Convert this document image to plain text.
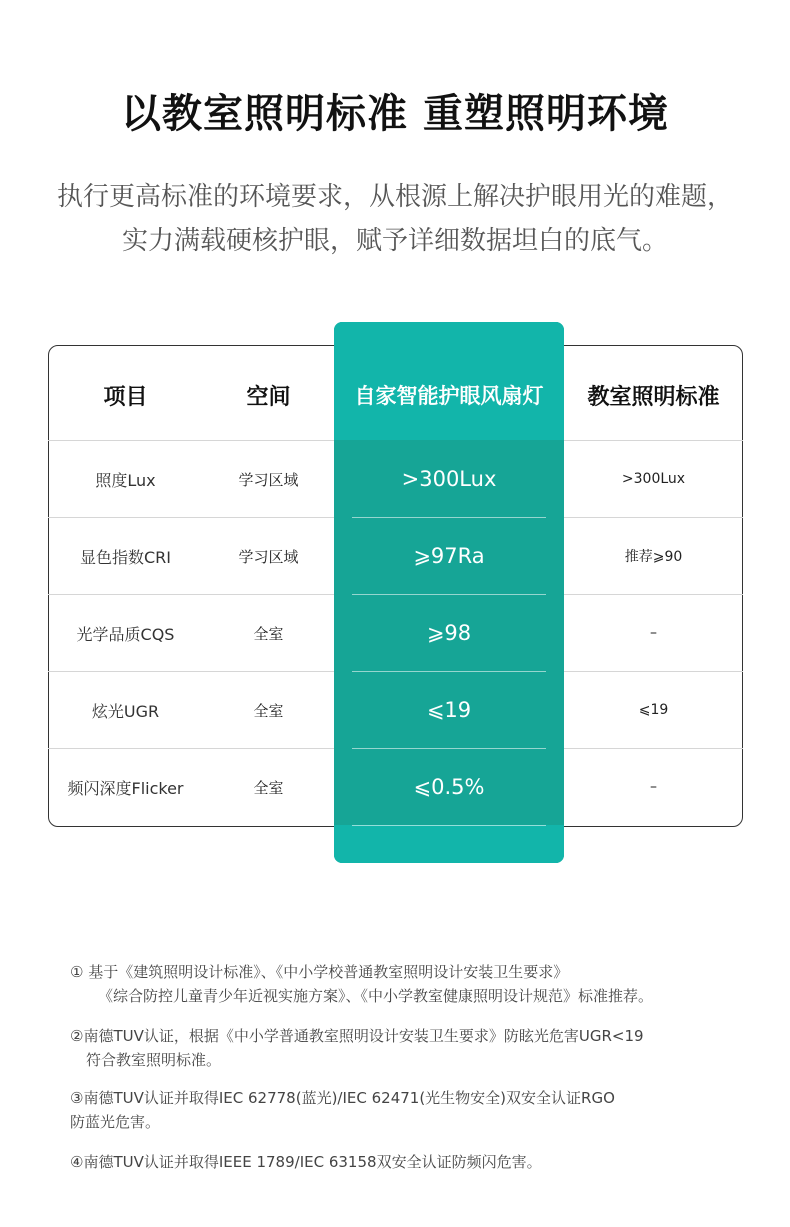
以教室照明标准 重塑照明环境
执行更高标准的环境要求，从根源上解决护眼用光的难题，
实力满载硬核护眼，赋予详细数据坦白的底气。
项目	空间	自家智能护眼风扇灯	教室照明标准
照度Lux	学习区域	>300Lux	>300Lux
显色指数CRI	学习区域	⩾97Ra	推荐⩾90
光学品质CQS	全室	⩾98	–
炫光UGR	全室	⩽19	⩽19
频闪深度Flicker	全室	⩽0.5%	–
① 基于《建筑照明设计标准》、《中小学校普通教室照明设计安装卫生要求》
《综合防控儿童青少年近视实施方案》、《中小学教室健康照明设计规范》标准推荐。
②南德TUV认证，根据《中小学普通教室照明设计安装卫生要求》防眩光危害UGR<19
符合教室照明标准。
③南德TUV认证并取得IEC 62778(蓝光)/IEC 62471(光生物安全)双安全认证RGO
防蓝光危害。
④南德TUV认证并取得IEEE 1789/IEC 63158双安全认证防频闪危害。
